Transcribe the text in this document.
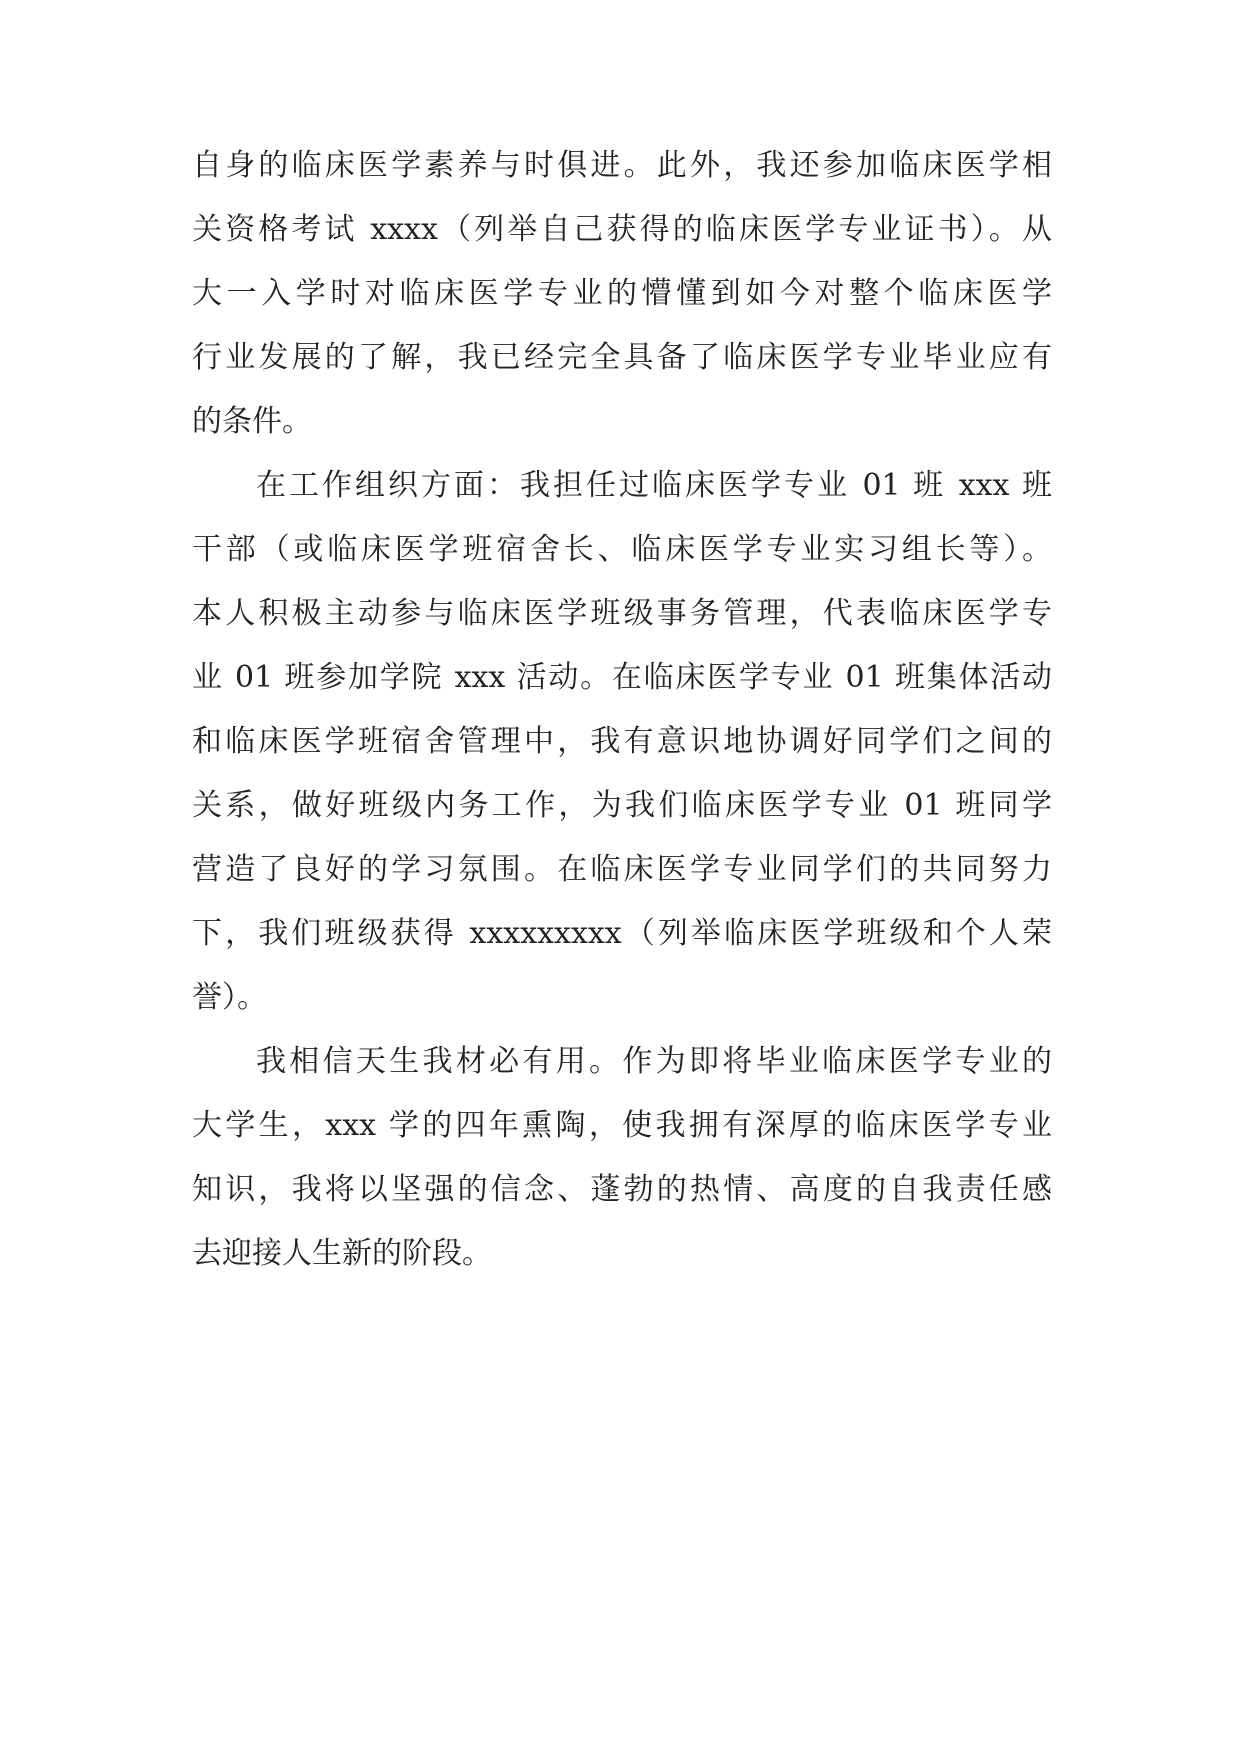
自身的临床医学素养与时俱进。此外，我还参加临床医学相
关资格考试 xxxx（列举自己获得的临床医学专业证书）。从
大一入学时对临床医学专业的懵懂到如今对整个临床医学
行业发展的了解，我已经完全具备了临床医学专业毕业应有
的条件。
在工作组织方面：我担任过临床医学专业 01 班 xxx 班
干部（或临床医学班宿舍长、临床医学专业实习组长等）。
本人积极主动参与临床医学班级事务管理，代表临床医学专
业 01 班参加学院 xxx 活动。在临床医学专业 01 班集体活动
和临床医学班宿舍管理中，我有意识地协调好同学们之间的
关系，做好班级内务工作，为我们临床医学专业 01 班同学
营造了良好的学习氛围。在临床医学专业同学们的共同努力
下，我们班级获得 xxxxxxxxx（列举临床医学班级和个人荣
誉）。
我相信天生我材必有用。作为即将毕业临床医学专业的
大学生，xxx 学的四年熏陶，使我拥有深厚的临床医学专业
知识，我将以坚强的信念、蓬勃的热情、高度的自我责任感
去迎接人生新的阶段。
